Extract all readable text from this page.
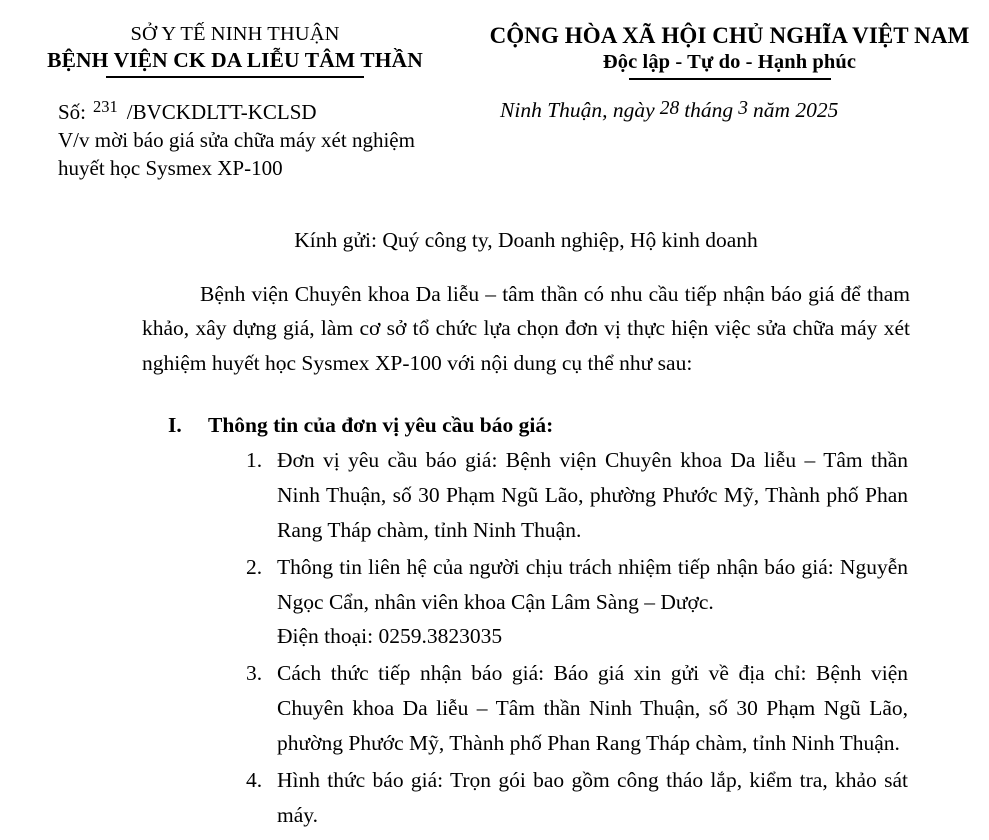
SỞ Y TẾ NINH THUẬN
BỆNH VIỆN CK DA LIỄU TÂM THẦN
CỘNG HÒA XÃ HỘI CHỦ NGHĨA VIỆT NAM
Độc lập - Tự do - Hạnh phúc
Số: $^{231}$ /BVCKDLTT-KCLSD
V/v mời báo giá sửa chữa máy xét nghiệm huyết học Sysmex XP-100
Ninh Thuận, ngày 28 tháng 3 năm 2025
Kính gửi: Quý công ty, Doanh nghiệp, Hộ kinh doanh

Bệnh viện Chuyên khoa Da liễu – tâm thần có nhu cầu tiếp nhận báo giá để tham khảo, xây dựng giá, làm cơ sở tổ chức lựa chọn đơn vị thực hiện việc sửa chữa máy xét nghiệm huyết học Sysmex XP-100 với nội dung cụ thể như sau:

I.	Thông tin của đơn vị yêu cầu báo giá:
1. Đơn vị yêu cầu báo giá: Bệnh viện Chuyên khoa Da liễu – Tâm thần Ninh Thuận, số 30 Phạm Ngũ Lão, phường Phước Mỹ, Thành phố Phan Rang Tháp chàm, tỉnh Ninh Thuận.
2. Thông tin liên hệ của người chịu trách nhiệm tiếp nhận báo giá: Nguyễn Ngọc Cẩn, nhân viên khoa Cận Lâm Sàng – Dược.
Điện thoại: 0259.3823035
3. Cách thức tiếp nhận báo giá: Báo giá xin gửi về địa chỉ: Bệnh viện Chuyên khoa Da liễu – Tâm thần Ninh Thuận, số 30 Phạm Ngũ Lão, phường Phước Mỹ, Thành phố Phan Rang Tháp chàm, tỉnh Ninh Thuận.
4. Hình thức báo giá: Trọn gói bao gồm công tháo lắp, kiểm tra, khảo sát máy.
